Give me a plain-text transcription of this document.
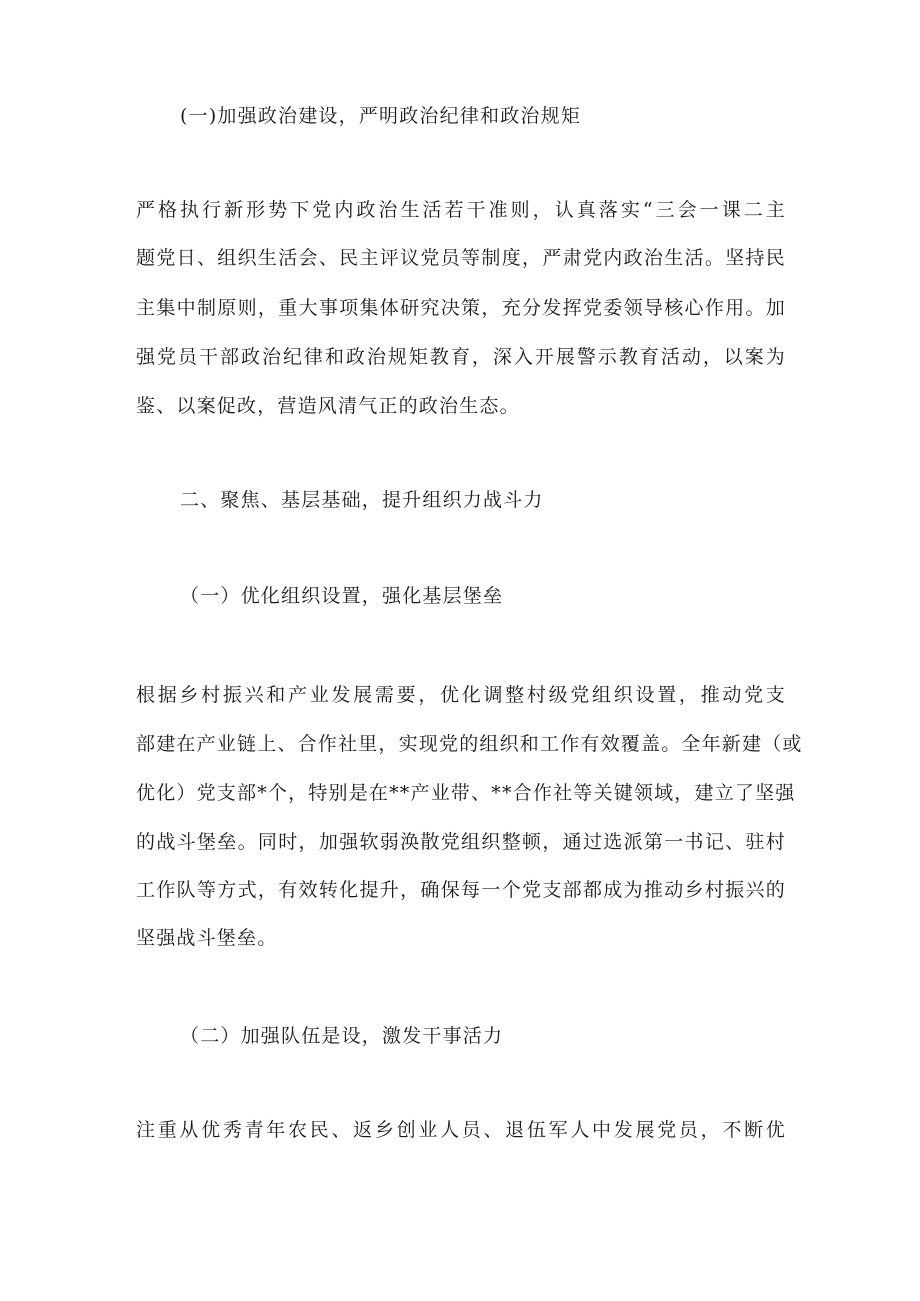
(一)加强政治建设，严明政治纪律和政治规矩
严格执行新形势下党内政治生活若干准则，认真落实“三会一课二主
题党日、组织生活会、民主评议党员等制度，严肃党内政治生活。坚持民
主集中制原则，重大事项集体研究决策，充分发挥党委领导核心作用。加
强党员干部政治纪律和政治规矩教育，深入开展警示教育活动，以案为
鉴、以案促改，营造风清气正的政治生态。
二、聚焦、基层基础，提升组织力战斗力
（一）优化组织设置，强化基层堡垒
根据乡村振兴和产业发展需要，优化调整村级党组织设置，推动党支
部建在产业链上、合作社里，实现党的组织和工作有效覆盖。全年新建（或
优化）党支部*个，特别是在**产业带、**合作社等关键领域，建立了坚强
的战斗堡垒。同时，加强软弱涣散党组织整顿，通过选派第一书记、驻村
工作队等方式，有效转化提升，确保每一个党支部都成为推动乡村振兴的
坚强战斗堡垒。
（二）加强队伍是设，激发干事活力
注重从优秀青年农民、返乡创业人员、退伍军人中发展党员，不断优
